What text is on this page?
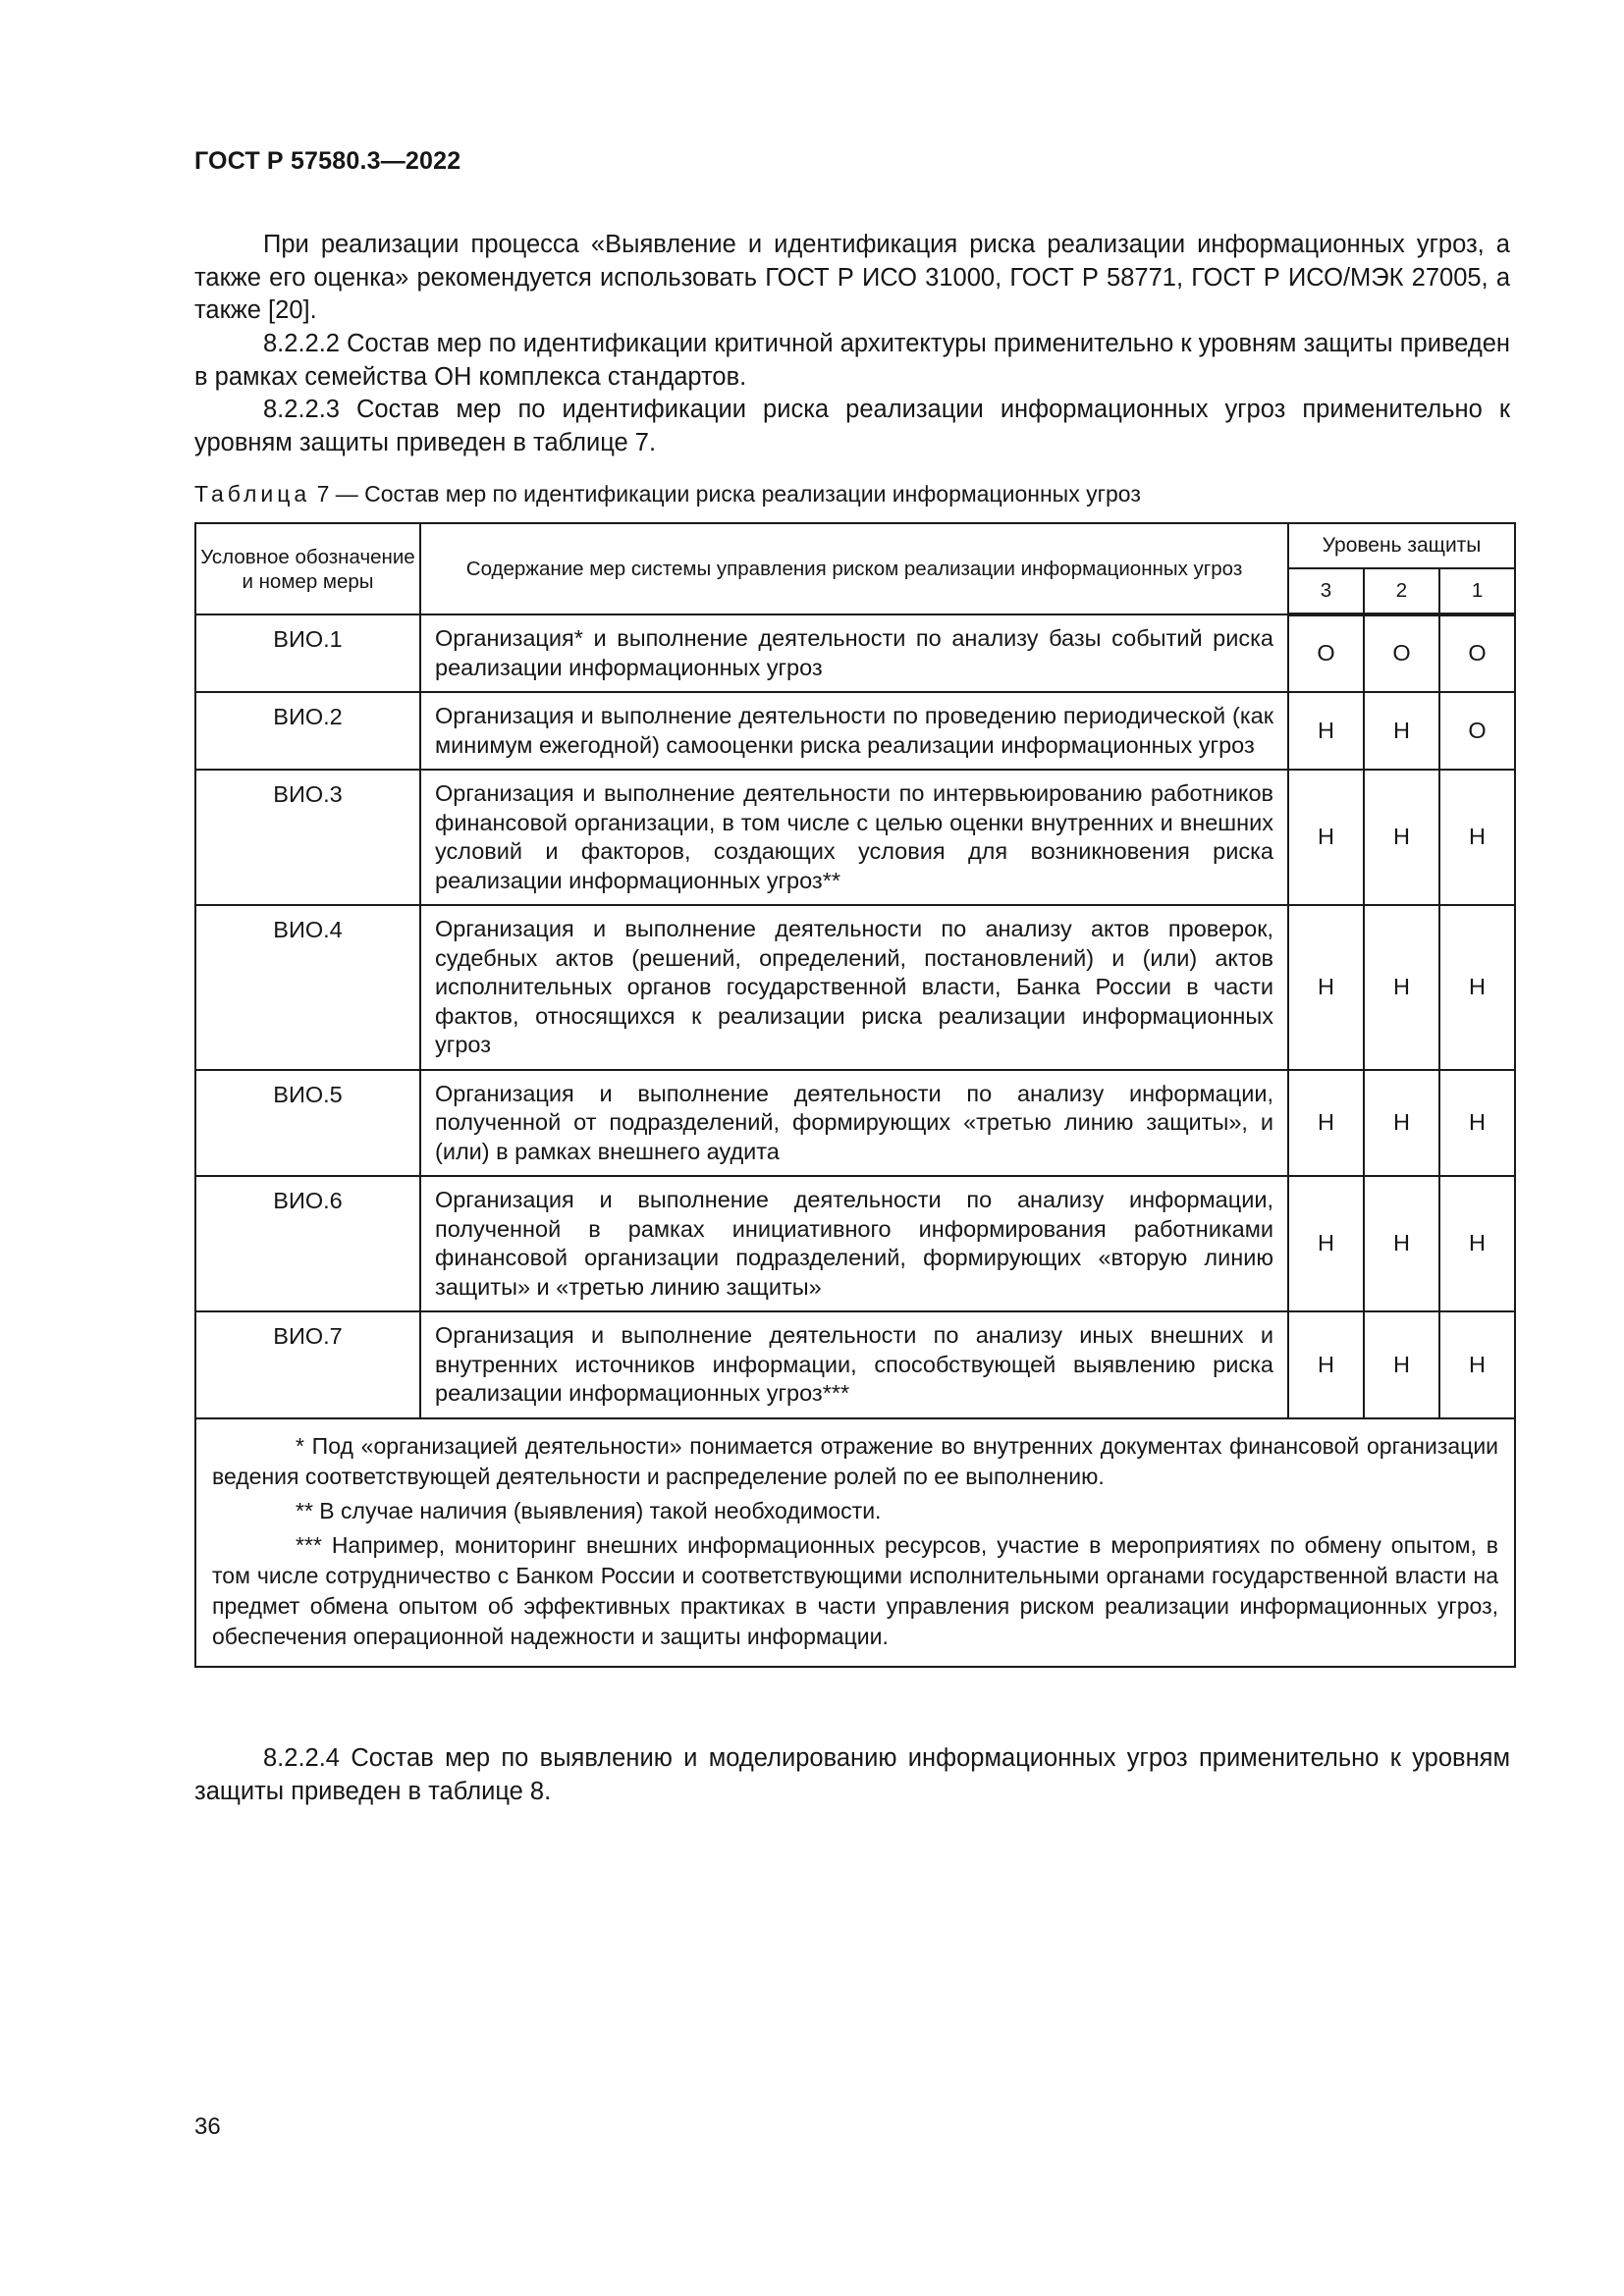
ГОСТ Р 57580.3—2022

При реализации процесса «Выявление и идентификация риска реализации информационных угроз, а также его оценка» рекомендуется использовать ГОСТ Р ИСО 31000, ГОСТ Р 58771, ГОСТ Р ИСО/МЭК 27005, а также [20].

8.2.2.2 Состав мер по идентификации критичной архитектуры применительно к уровням защиты приведен в рамках семейства ОН комплекса стандартов.

8.2.2.3 Состав мер по идентификации риска реализации информационных угроз применительно к уровням защиты приведен в таблице 7.

Таблица 7 — Состав мер по идентификации риска реализации информационных угроз
Условное обозначение и номер меры	Содержание мер системы управления риском реализации информационных угроз	Уровень защиты		
		3	2	1
ВИО.1	Организация* и выполнение деятельности по анализу базы событий риска реализации информационных угроз	О	О	О
ВИО.2	Организация и выполнение деятельности по проведению периодической (как минимум ежегодной) самооценки риска реализации информационных угроз	Н	Н	О
ВИО.3	Организация и выполнение деятельности по интервьюированию работников финансовой организации, в том числе с целью оценки внутренних и внешних условий и факторов, создающих условия для возникновения риска реализации информационных угроз**	Н	Н	Н
ВИО.4	Организация и выполнение деятельности по анализу актов проверок, судебных актов (решений, определений, постановлений) и (или) актов исполнительных органов государственной власти, Банка России в части фактов, относящихся к реализации риска реализации информационных угроз	Н	Н	Н
ВИО.5	Организация и выполнение деятельности по анализу информации, полученной от подразделений, формирующих «третью линию защиты», и (или) в рамках внешнего аудита	Н	Н	Н
ВИО.6	Организация и выполнение деятельности по анализу информации, полученной в рамках инициативного информирования работниками финансовой организации подразделений, формирующих «вторую линию защиты» и «третью линию защиты»	Н	Н	Н
ВИО.7	Организация и выполнение деятельности по анализу иных внешних и внутренних источников информации, способствующей выявлению риска реализации информационных угроз***	Н	Н	Н

* Под «организацией деятельности» понимается отражение во внутренних документах финансовой организации ведения соответствующей деятельности и распределение ролей по ее выполнению.

** В случае наличия (выявления) такой необходимости.

*** Например, мониторинг внешних информационных ресурсов, участие в мероприятиях по обмену опытом, в том числе сотрудничество с Банком России и соответствующими исполнительными органами государственной власти на предмет обмена опытом об эффективных практиках в части управления риском реализации информационных угроз, обеспечения операционной надежности и защиты информации.				

8.2.2.4 Состав мер по выявлению и моделированию информационных угроз применительно к уровням защиты приведен в таблице 8.

36
